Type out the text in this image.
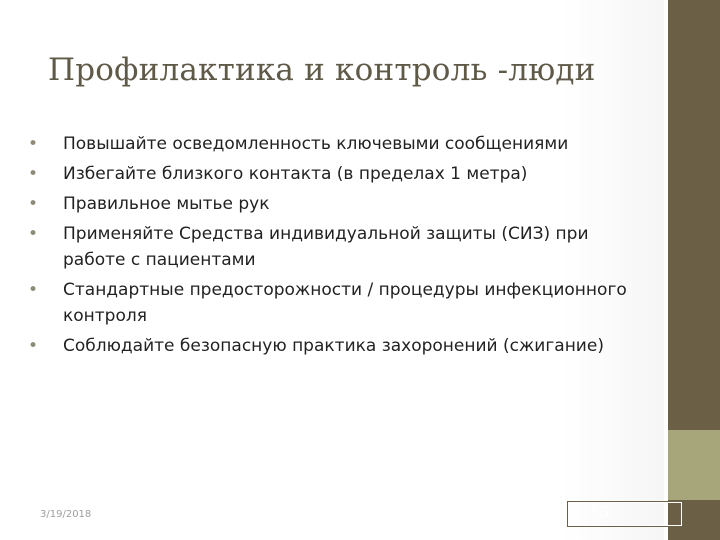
Профилактика и контроль -люди
•	Повышайте осведомленность ключевыми сообщениями
•	Избегайте близкого контакта (в пределах 1 метра)
•	Правильное мытье рук
•	Применяйте Средства индивидуальной защиты (СИЗ) при работе с пациентами
•	Стандартные предосторожности / процедуры инфекционного контроля
•	Соблюдайте безопасную практика захоронений (сжигание)
3/19/2018	55
